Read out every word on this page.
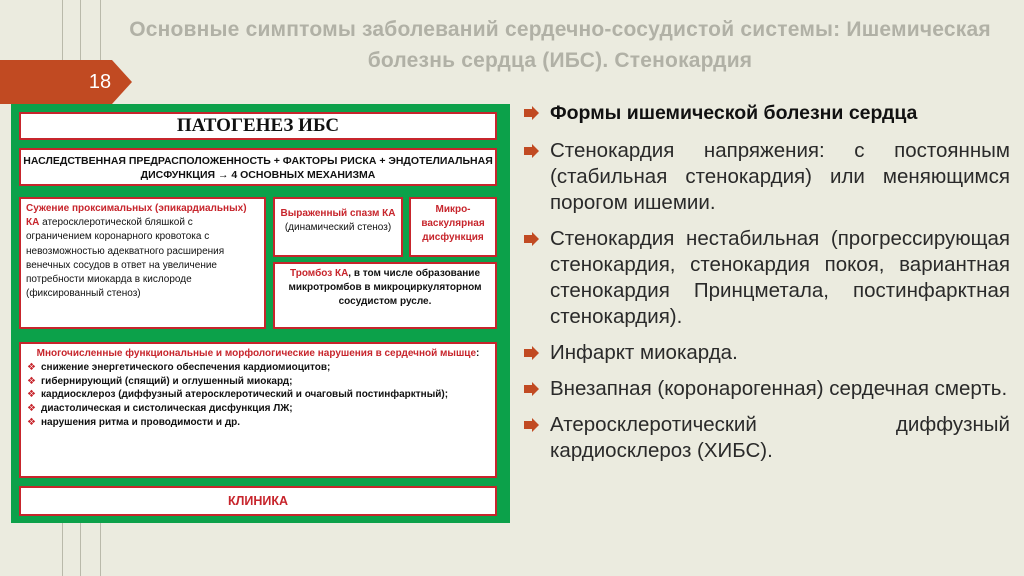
Основные симптомы заболеваний сердечно-сосудистой системы: Ишемическая болезнь сердца (ИБС). Стенокардия
18
ПАТОГЕНЕЗ ИБС
НАСЛЕДСТВЕННАЯ ПРЕДРАСПОЛОЖЕННОСТЬ + ФАКТОРЫ РИСКА + ЭНДОТЕЛИАЛЬНАЯ ДИСФУНКЦИЯ → 4 ОСНОВНЫХ МЕХАНИЗМА
Сужение проксимальных (эпикардиальных) КА атеросклеротической бляшкой с ограничением коронарного кровотока с невозможностью адекватного расширения венечных сосудов в ответ на увеличение потребности миокарда в кислороде (фиксированный стеноз)
Выраженный спазм КА (динамический стеноз)
Микро-васкулярная дисфункция
Тромбоз КА, в том числе образование микротромбов в микроциркуляторном сосудистом русле.
Многочисленные функциональные и морфологические нарушения в сердечной мышце:
❖ снижение энергетического обеспечения кардиомиоцитов;
❖ гибернирующий (спящий) и оглушенный миокард;
❖ кардиосклероз (диффузный атеросклеротический и очаговый постинфарктный);
❖ диастолическая и систолическая дисфункция ЛЖ;
❖ нарушения ритма и проводимости и др.
КЛИНИКА
Формы ишемической болезни сердца
Стенокардия напряжения: с постоянным (стабильная стенокардия) или меняющимся порогом ишемии.
Стенокардия нестабильная (прогрессирующая стенокардия, стенокардия покоя, вариантная стенокардия Принцметала, постинфарктная стенокардия).
Инфаркт миокарда.
Внезапная (коронарогенная) сердечная смерть.
Атеросклеротический диффузный кардиосклероз (ХИБС).
